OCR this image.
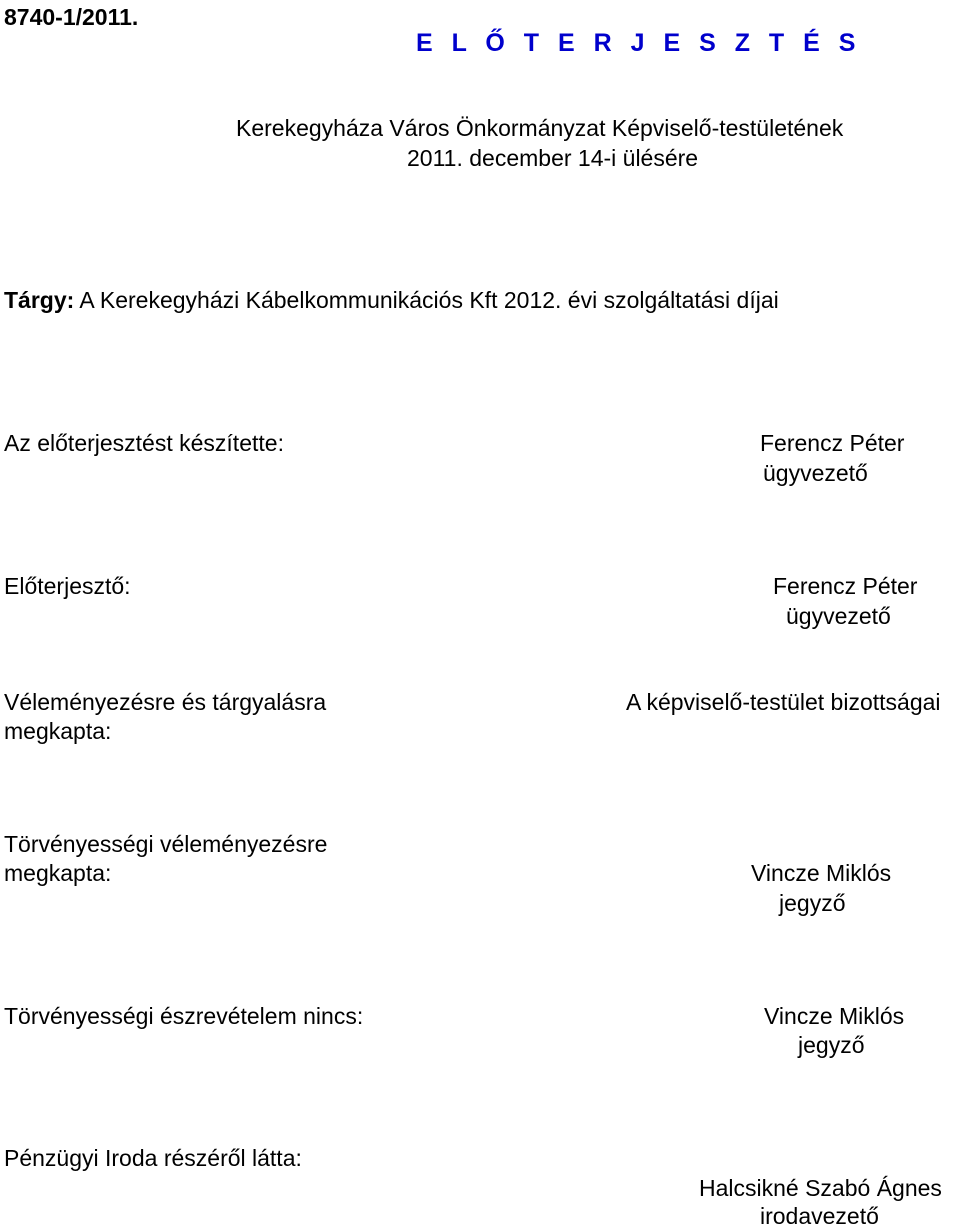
8740-1/2011.
E L Ő T E R J E S Z T É S
Kerekegyháza Város Önkormányzat Képviselő-testületének
2011. december 14-i ülésére
Tárgy: A Kerekegyházi Kábelkommunikációs Kft 2012. évi szolgáltatási díjai
Az előterjesztést készítette:	Ferencz Péter
ügyvezető
Előterjesztő:	Ferencz Péter
ügyvezető
Véleményezésre és tárgyalásra
megkapta:
A képviselő-testület bizottságai
Törvényességi véleményezésre
megkapta:	Vincze Miklós
jegyző
Törvényességi észrevételem nincs:	Vincze Miklós
jegyző
Pénzügyi Iroda részéről látta:
Halcsikné Szabó Ágnes
irodavezető
